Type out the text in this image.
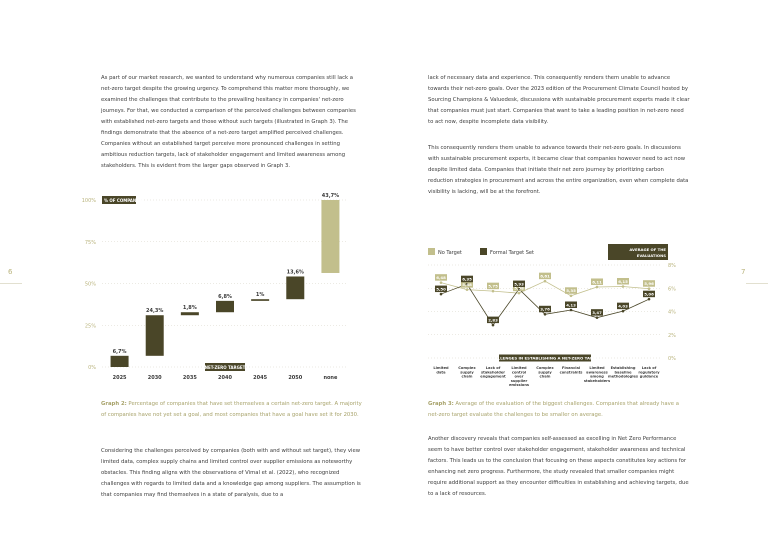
6	7

As part of our market research, we wanted to understand why numerous companies still lack a net-zero target despite the growing urgency. To comprehend this matter more thoroughly, we examined the challenges that contribute to the prevailing hesitancy in companies' net-zero journeys. For that, we conducted a comparison of the perceived challenges between companies with established net-zero targets and those without such targets (illustrated in Graph 3). The findings demonstrate that the absence of a net-zero target amplified perceived challenges. Companies without an established target perceive more pronounced challenges in setting ambitious reduction targets, lack of stakeholder engagement and limited awareness among stakeholders. This is evident from the larger gaps observed in Graph 3.

0%
25%
50%
75%
100% % OF COMPANIES
6,7%
2025
24,3%
2030
1,8%
2035
6,8%
2040
1%
2045
13,6%
2050
43,7%
none
NET-ZERO TARGET

Graph 2: Percentage of companies that have set themselves a certain net-zero target. A majority of companies have not yet set a goal, and most companies that have a goal have set it for 2030.

Considering the challenges perceived by companies (both with and without set target), they view limited data, complex supply chains and limited control over supplier emissions as noteworthy obstacles. This finding aligns with the observations of Vimal et al. (2022), who recognized challenges with regards to limited data and a knowledge gap among suppliers. The assumption is that companies may find themselves in a state of paralysis, due to a

lack of necessary data and experience. This consequently renders them unable to advance towards their net-zero goals. Over the 2023 edition of the Procurement Climate Council hosted by Sourcing Champions & Valuedesk, discussions with sustainable procurement experts made it clear that companies must just start. Companies that want to take a leading position in net-zero need to act now, despite incomplete data visibility.

This consequently renders them unable to advance towards their net-zero goals. In discussions with sustainable procurement experts, it became clear that companies however need to act now despite limited data. Companies that initiate their net zero journey by prioritizing carbon reduction strategies in procurement and across the entire organization, even when complete data visibility is lacking, will be at the forefront.

0%
2%
4%
6%
8%
No Target	Formal Target Set
AVERAGE OF THE
EVALUATIONS
6,48
5,88	5,75	5,58
6,61
5,35
6,11	6,15	5,96
5,50
6,35
2,83
5,93
3,76
4,13
3,47
4,03
5,06
CHALLENGES IN ESTABLISHING A NET-ZERO TARGET
Limited data
Complex supply chain
Lack of stakeholder engagement
Limited control over supplier emissions
Complex supply chain
Financial constraints
Limited awareness among stakeholders
Establishing baseline methodologies
Lack of regulatory guidance

Graph 3: Average of the evaluation of the biggest challenges. Companies that already have a net-zero target evaluate the challenges to be smaller on average.

Another discovery reveals that companies self-assessed as excelling in Net Zero Performance seem to have better control over stakeholder engagement, stakeholder awareness and technical factors. This leads us to the conclusion that focusing on these aspects constitutes key actions for enhancing net zero progress. Furthermore, the study revealed that smaller companies might require additional support as they encounter difficulties in establishing and achieving targets, due to a lack of resources.
